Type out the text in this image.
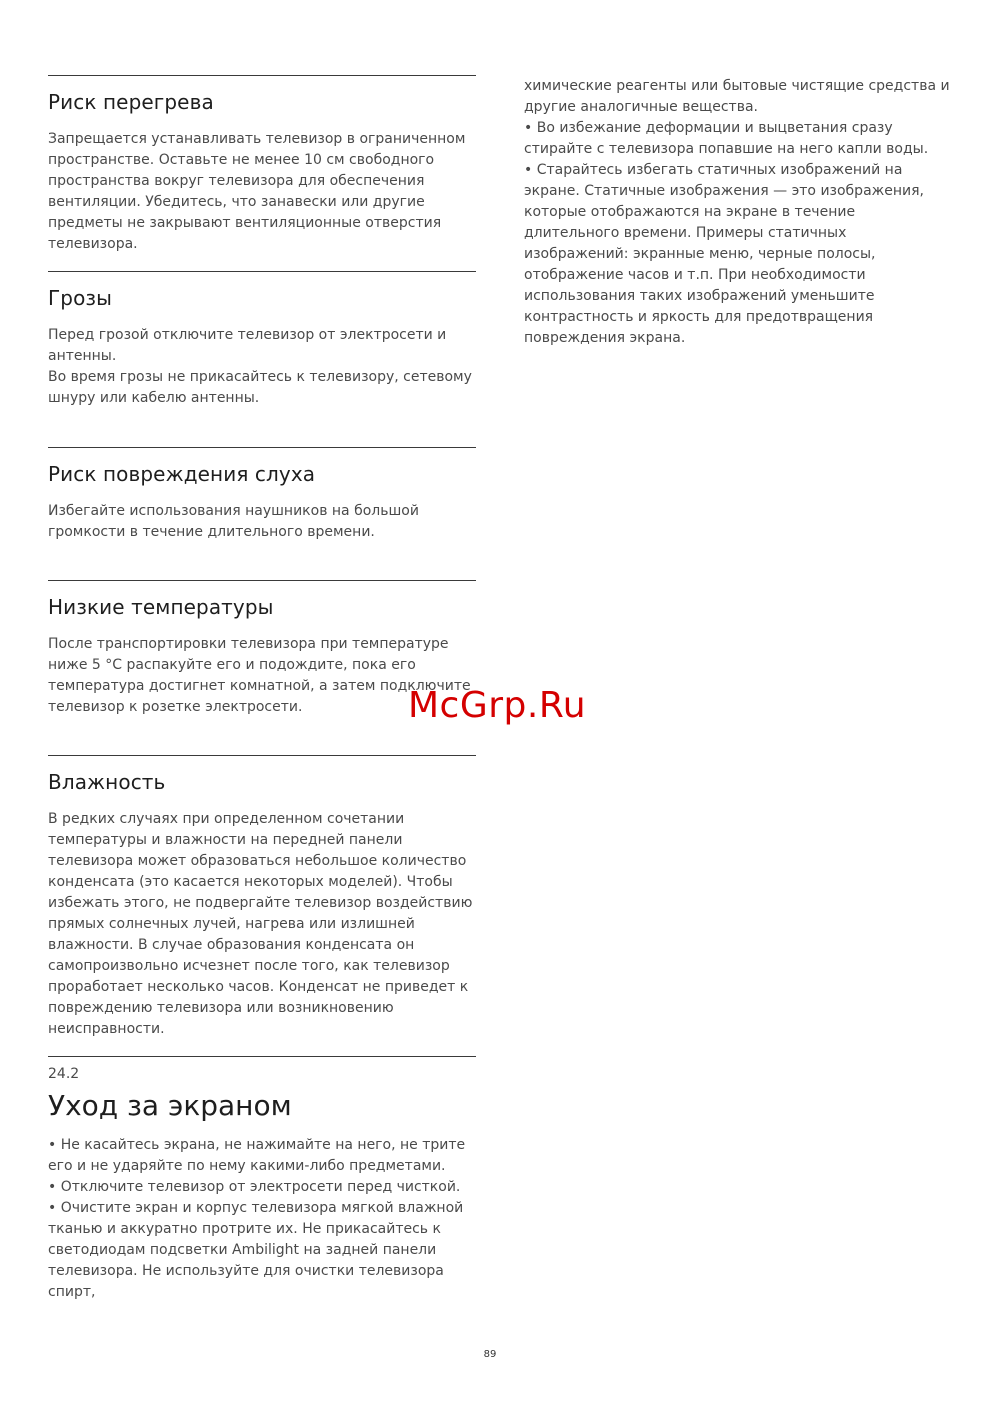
Риск перегрева

Запрещается устанавливать телевизор в ограниченном пространстве. Оставьте не менее 10 см свободного пространства вокруг телевизора для обеспечения вентиляции. Убедитесь, что занавески или другие предметы не закрывают вентиляционные отверстия телевизора.

Грозы

Перед грозой отключите телевизор от электросети и антенны.
Во время грозы не прикасайтесь к телевизору, сетевому шнуру или кабелю антенны.

Риск повреждения слуха

Избегайте использования наушников на большой громкости в течение длительного времени.

Низкие температуры

После транспортировки телевизора при температуре ниже 5 °C распакуйте его и подождите, пока его температура достигнет комнатной, а затем подключите телевизор к розетке электросети.

Влажность

В редких случаях при определенном сочетании температуры и влажности на передней панели телевизора может образоваться небольшое количество конденсата (это касается некоторых моделей). Чтобы избежать этого, не подвергайте телевизор воздействию прямых солнечных лучей, нагрева или излишней влажности. В случае образования конденсата он самопроизвольно исчезнет после того, как телевизор проработает несколько часов. Конденсат не приведет к повреждению телевизора или возникновению неисправности.

24.2
Уход за экраном

• Не касайтесь экрана, не нажимайте на него, не трите его и не ударяйте по нему какими-либо предметами.
• Отключите телевизор от электросети перед чисткой.
• Очистите экран и корпус телевизора мягкой влажной тканью и аккуратно протрите их. Не прикасайтесь к светодиодам подсветки Ambilight на задней панели телевизора. Не используйте для очистки телевизора спирт,

химические реагенты или бытовые чистящие средства и другие аналогичные вещества.
• Во избежание деформации и выцветания сразу стирайте с телевизора попавшие на него капли воды.
• Старайтесь избегать статичных изображений на экране. Статичные изображения — это изображения, которые отображаются на экране в течение длительного времени. Примеры статичных изображений: экранные меню, черные полосы, отображение часов и т.п. При необходимости использования таких изображений уменьшите контрастность и яркость для предотвращения повреждения экрана.

McGrp.Ru
89
